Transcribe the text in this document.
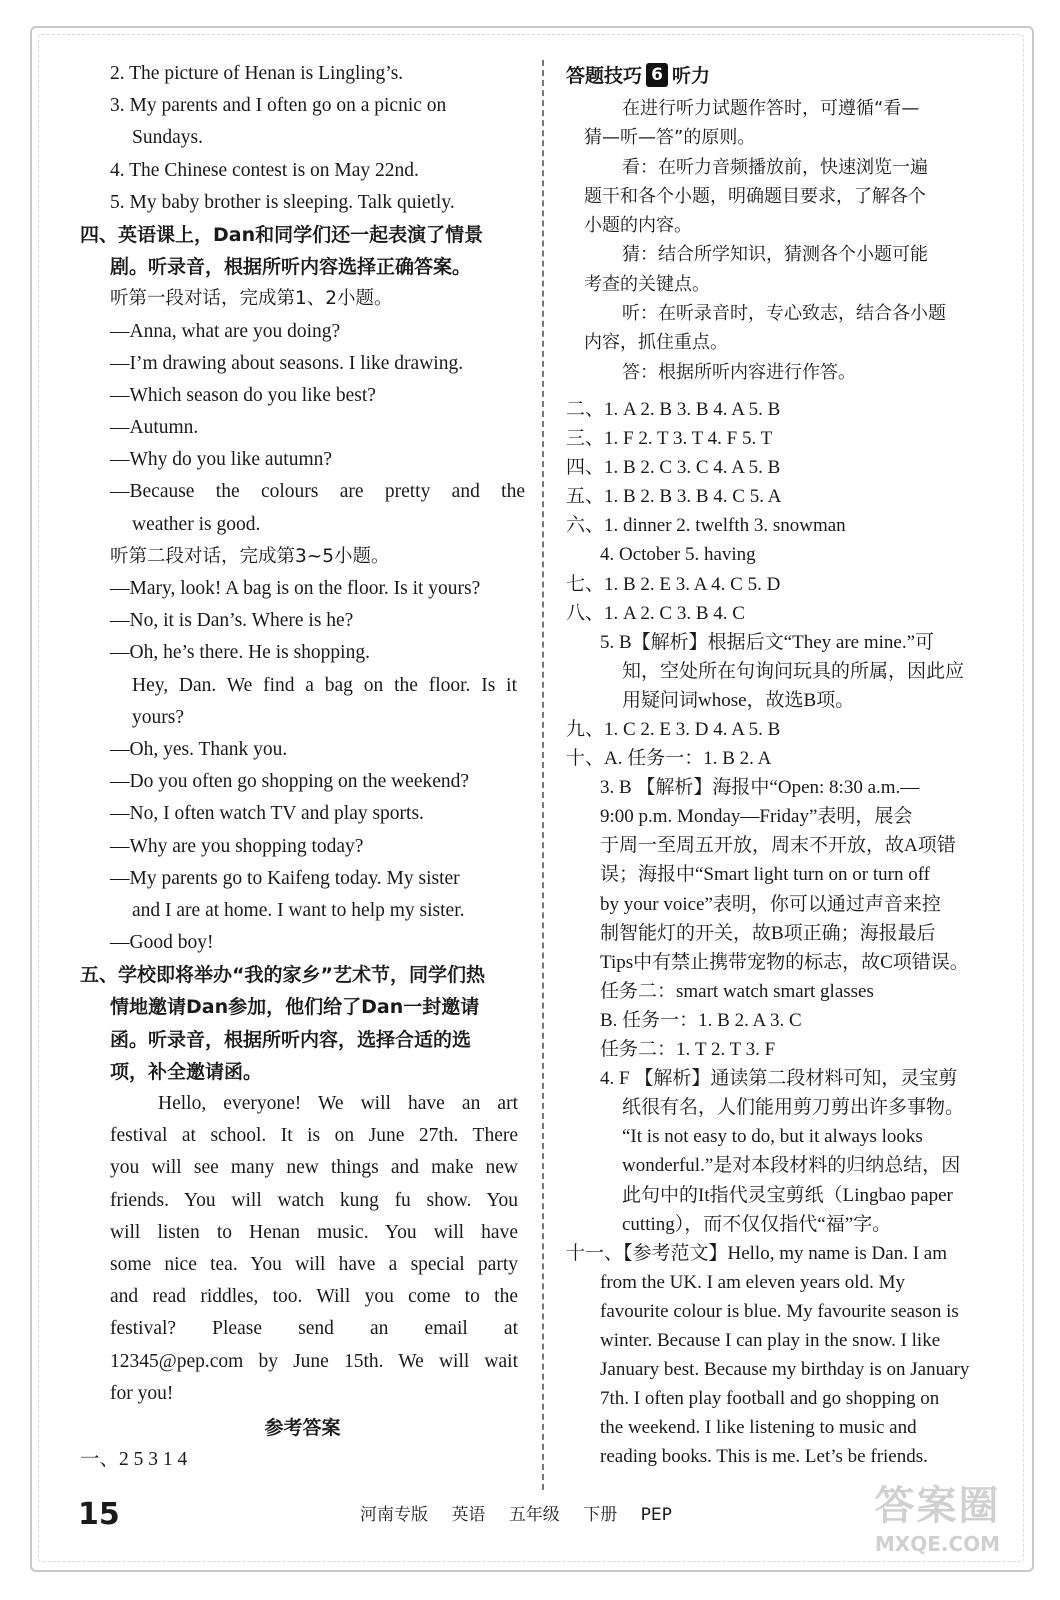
2. The picture of Henan is Lingling’s.
3. My parents and I often go on a picnic on
Sundays.
4. The Chinese contest is on May 22nd.
5. My baby brother is sleeping. Talk quietly.
四、英语课上，Dan和同学们还一起表演了情景
剧。听录音，根据所听内容选择正确答案。
听第一段对话，完成第1、2小题。
—Anna, what are you doing?
—I’m drawing about seasons. I like drawing.
—Which season do you like best?
—Autumn.
—Why do you like autumn?
—Because the colours are pretty and the
weather is good.
听第二段对话，完成第3~5小题。
—Mary, look! A bag is on the floor. Is it yours?
—No, it is Dan’s. Where is he?
—Oh, he’s there. He is shopping.
Hey, Dan. We find a bag on the floor. Is it
yours?
—Oh, yes. Thank you.
—Do you often go shopping on the weekend?
—No, I often watch TV and play sports.
—Why are you shopping today?
—My parents go to Kaifeng today. My sister
and I are at home. I want to help my sister.
—Good boy!
五、学校即将举办“我的家乡”艺术节，同学们热
情地邀请Dan参加，他们给了Dan一封邀请
函。听录音，根据所听内容，选择合适的选
项，补全邀请函。
Hello, everyone! We will have an art
festival at school. It is on June 27th. There
you will see many new things and make new
friends. You will watch kung fu show. You
will listen to Henan music. You will have
some nice tea. You will have a special party
and read riddles, too. Will you come to the
festival? Please send an email at
12345@pep.com by June 15th. We will wait
for you!
参考答案
一、2 5 3 1 4
答题技巧 6 听力
在进行听力试题作答时，可遵循“看—
猜—听—答”的原则。
看：在听力音频播放前，快速浏览一遍
题干和各个小题，明确题目要求，了解各个
小题的内容。
猜：结合所学知识，猜测各个小题可能
考查的关键点。
听：在听录音时，专心致志，结合各小题
内容，抓住重点。
答：根据所听内容进行作答。
二、1. A 2. B 3. B 4. A 5. B
三、1. F 2. T 3. T 4. F 5. T
四、1. B 2. C 3. C 4. A 5. B
五、1. B 2. B 3. B 4. C 5. A
六、1. dinner 2. twelfth 3. snowman
4. October 5. having
七、1. B 2. E 3. A 4. C 5. D
八、1. A 2. C 3. B 4. C
5. B【解析】根据后文“They are mine.”可
知，空处所在句询问玩具的所属，因此应
用疑问词whose，故选B项。
九、1. C 2. E 3. D 4. A 5. B
十、A. 任务一：1. B 2. A
3. B 【解析】海报中“Open: 8:30 a.m.—
9:00 p.m. Monday—Friday”表明，展会
于周一至周五开放，周末不开放，故A项错
误；海报中“Smart light turn on or turn off
by your voice”表明，你可以通过声音来控
制智能灯的开关，故B项正确；海报最后
Tips中有禁止携带宠物的标志，故C项错误。
任务二：smart watch smart glasses
B. 任务一：1. B 2. A 3. C
任务二：1. T 2. T 3. F
4. F 【解析】通读第二段材料可知，灵宝剪
纸很有名，人们能用剪刀剪出许多事物。
“It is not easy to do, but it always looks
wonderful.”是对本段材料的归纳总结，因
此句中的It指代灵宝剪纸（Lingbao paper
cutting），而不仅仅指代“福”字。
十一、【参考范文】Hello, my name is Dan. I am
from the UK. I am eleven years old. My
favourite colour is blue. My favourite season is
winter. Because I can play in the snow. I like
January best. Because my birthday is on January
7th. I often play football and go shopping on
the weekend. I like listening to music and
reading books. This is me. Let’s be friends.
15	河南专版 英语 五年级 下册 PEP	答案圈
MXQE.COM
